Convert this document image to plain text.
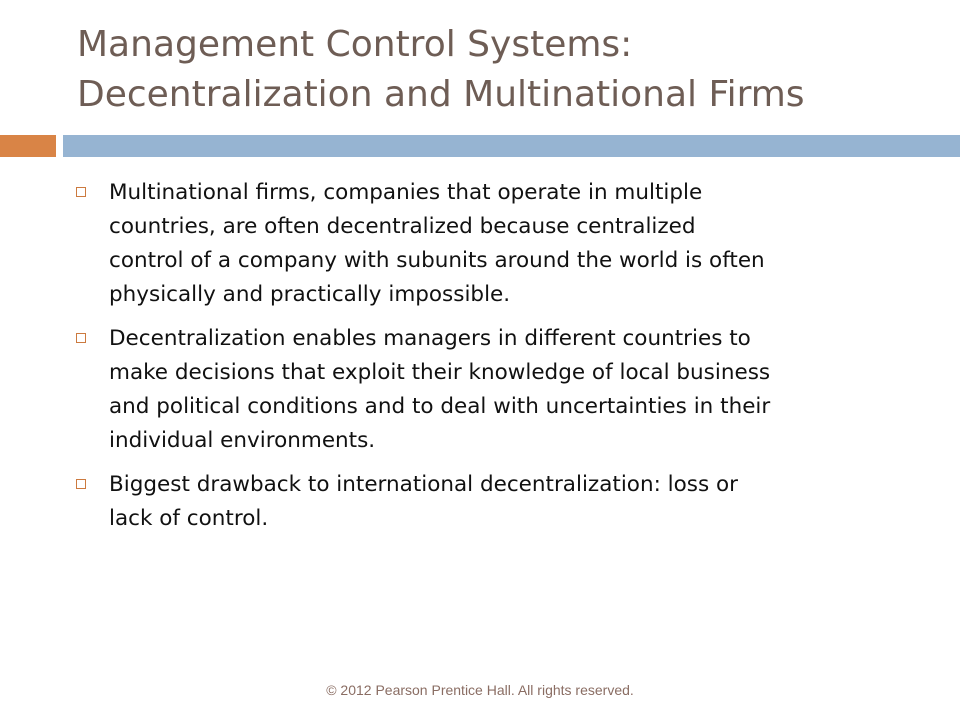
Management Control Systems:
Decentralization and Multinational Firms
Multinational firms, companies that operate in multiple
countries, are often decentralized because centralized
control of a company with subunits around the world is often
physically and practically impossible.
Decentralization enables managers in different countries to
make decisions that exploit their knowledge of local business
and political conditions and to deal with uncertainties in their
individual environments.
Biggest drawback to international decentralization: loss or
lack of control.
© 2012 Pearson Prentice Hall. All rights reserved.
